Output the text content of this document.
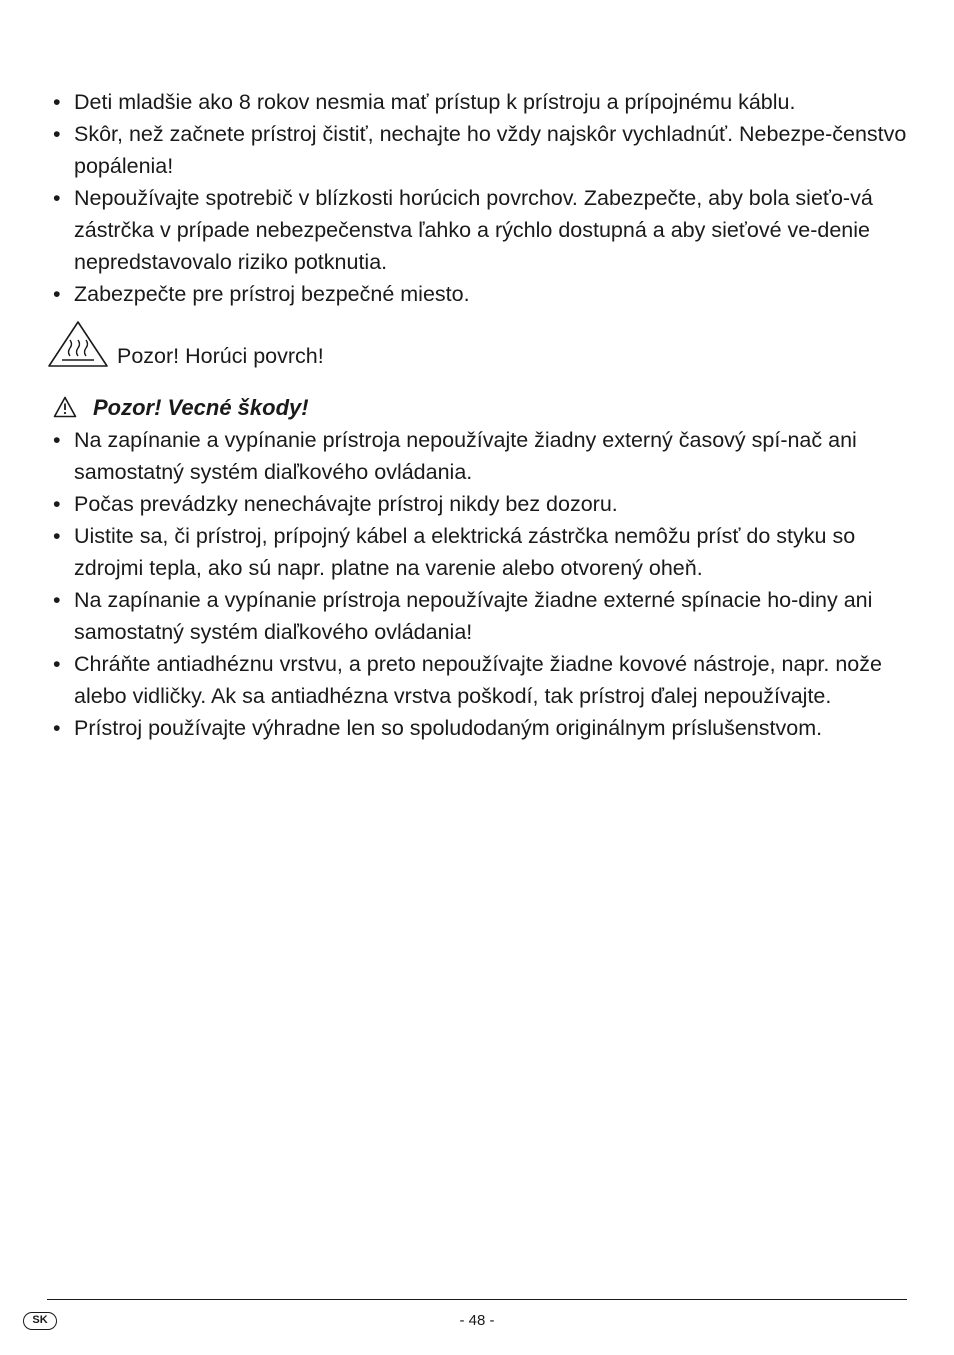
• Deti mladšie ako 8 rokov nesmia mať prístup k prístroju a prípojnému káblu.
• Skôr, než začnete prístroj čistiť, nechajte ho vždy najskôr vychladnúť. Nebezpe-čenstvo popálenia!
• Nepoužívajte spotrebič v blízkosti horúcich povrchov. Zabezpečte, aby bola sieťo-vá zástrčka v prípade nebezpečenstva ľahko a rýchlo dostupná a aby sieťové ve-denie nepredstavovalo riziko potknutia.
• Zabezpečte pre prístroj bezpečné miesto.
Pozor! Horúci povrch!
Pozor! Vecné škody!
• Na zapínanie a vypínanie prístroja nepoužívajte žiadny externý časový spí-nač ani samostatný systém diaľkového ovládania.
• Počas prevádzky nenechávajte prístroj nikdy bez dozoru.
• Uistite sa, či prístroj, prípojný kábel a elektrická zástrčka nemôžu prísť do styku so zdrojmi tepla, ako sú napr. platne na varenie alebo otvorený oheň.
• Na zapínanie a vypínanie prístroja nepoužívajte žiadne externé spínacie ho-diny ani samostatný systém diaľkového ovládania!
• Chráňte antiadhéznu vrstvu, a preto nepoužívajte žiadne kovové nástroje, napr. nože alebo vidličky. Ak sa antiadhézna vrstva poškodí, tak prístroj ďalej nepoužívajte.
• Prístroj používajte výhradne len so spoludodaným originálnym príslušenstvom.
SK	- 48 -
